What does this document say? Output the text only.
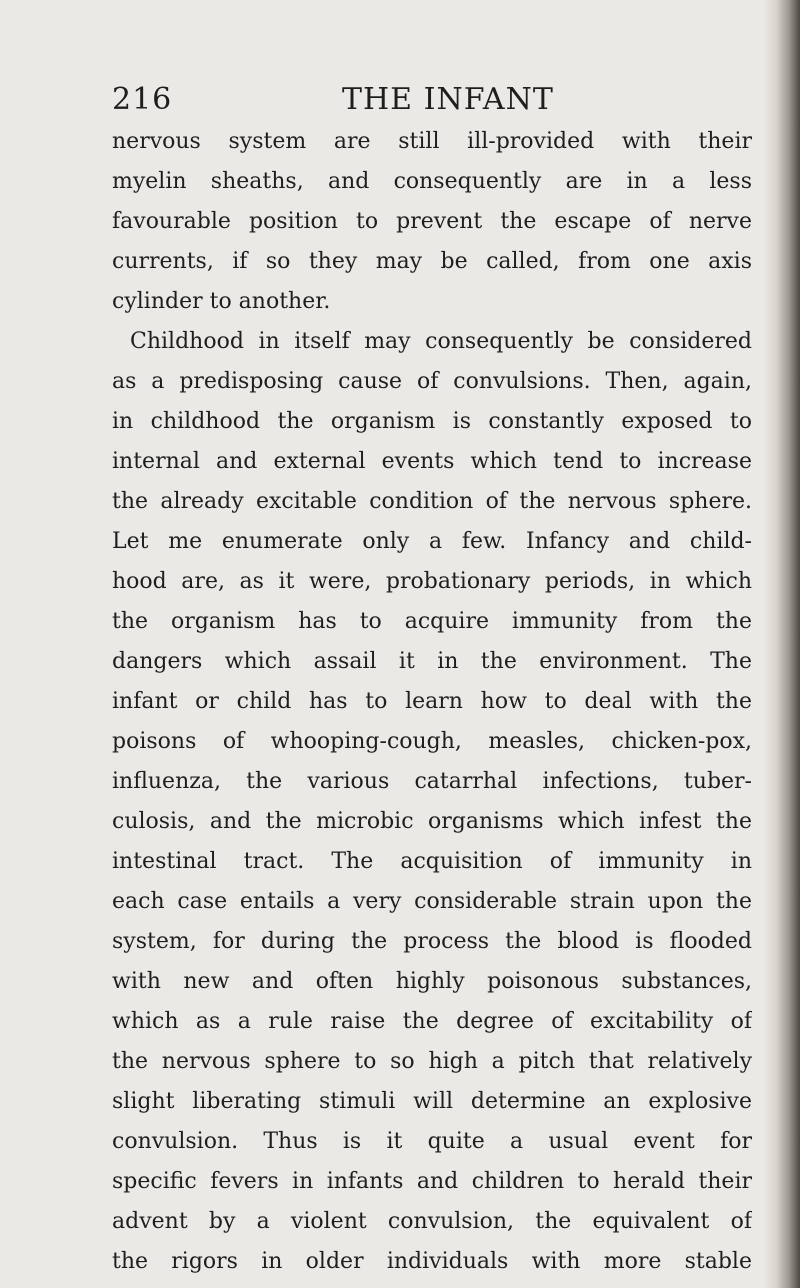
216	THE INFANT
nervous system are still ill-provided with their
myelin sheaths, and consequently are in a less
favourable position to prevent the escape of nerve
currents, if so they may be called, from one axis
cylinder to another.
Childhood in itself may consequently be considered
as a predisposing cause of convulsions. Then, again,
in childhood the organism is constantly exposed to
internal and external events which tend to increase
the already excitable condition of the nervous sphere.
Let me enumerate only a few. Infancy and child-
hood are, as it were, probationary periods, in which
the organism has to acquire immunity from the
dangers which assail it in the environment. The
infant or child has to learn how to deal with the
poisons of whooping-cough, measles, chicken-pox,
influenza, the various catarrhal infections, tuber-
culosis, and the microbic organisms which infest the
intestinal tract. The acquisition of immunity in
each case entails a very considerable strain upon the
system, for during the process the blood is flooded
with new and often highly poisonous substances,
which as a rule raise the degree of excitability of
the nervous sphere to so high a pitch that relatively
slight liberating stimuli will determine an explosive
convulsion. Thus is it quite a usual event for
specific fevers in infants and children to herald their
advent by a violent convulsion, the equivalent of
the rigors in older individuals with more stable
